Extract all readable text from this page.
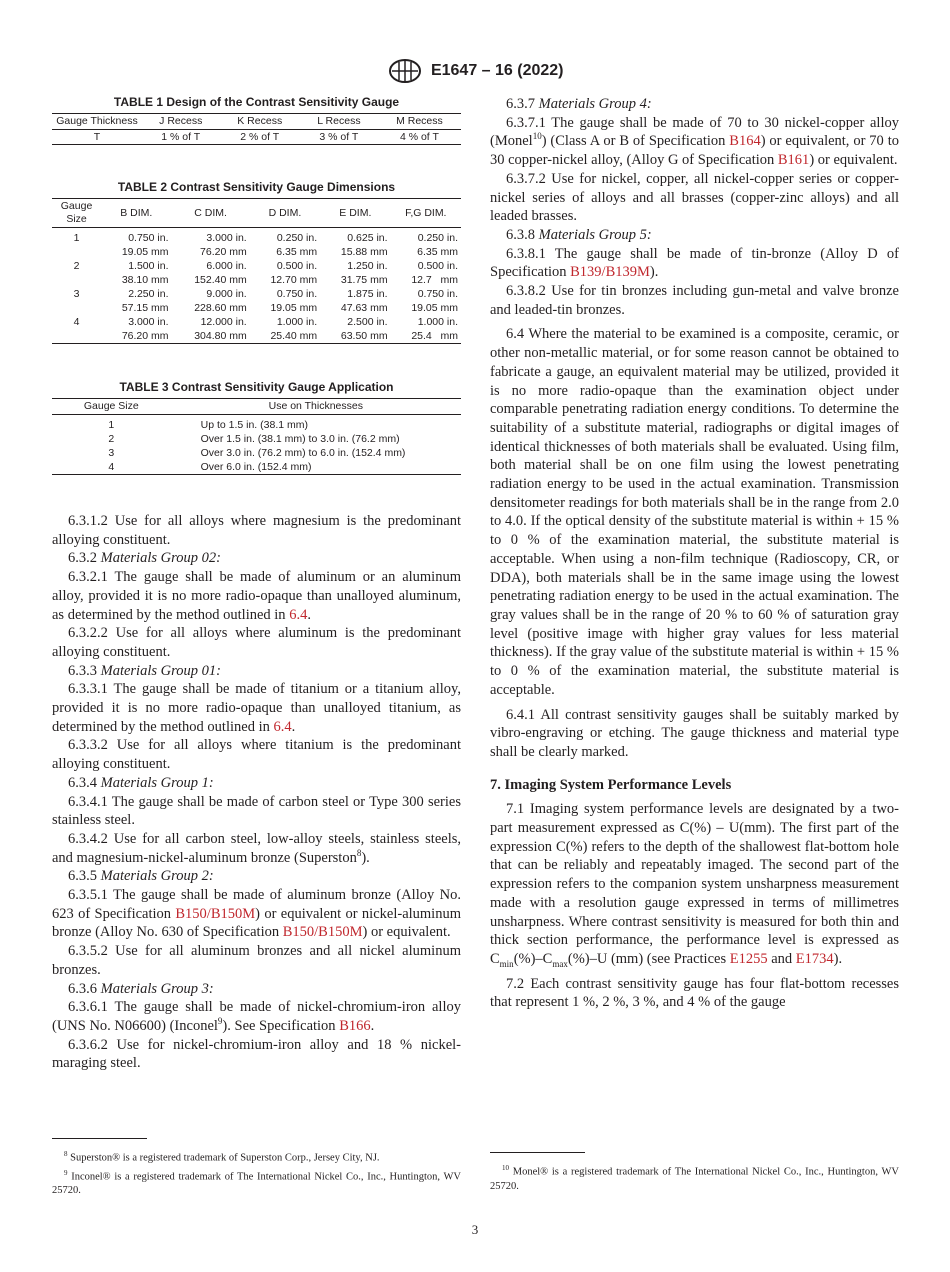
E1647 – 16 (2022)
TABLE 1 Design of the Contrast Sensitivity Gauge
Gauge Thickness	J Recess	K Recess	L Recess	M Recess
T	1 % of T	2 % of T	3 % of T	4 % of T
TABLE 2 Contrast Sensitivity Gauge Dimensions
Gauge Size	B DIM.	C DIM.	D DIM.	E DIM.	F,G DIM.

1	0.750 in.	3.000 in.	0.250 in.	0.625 in.	0.250 in.
	19.05 mm	76.20 mm	6.35 mm	15.88 mm	6.35 mm
2	1.500 in.	6.000 in.	0.500 in.	1.250 in.	0.500 in.
	38.10 mm	152.40 mm	12.70 mm	31.75 mm	12.7   mm
3	2.250 in.	9.000 in.	0.750 in.	1.875 in.	0.750 in.
	57.15 mm	228.60 mm	19.05 mm	47.63 mm	19.05 mm
4	3.000 in.	12.000 in.	1.000 in.	2.500 in.	1.000 in.
	76.20 mm	304.80 mm	25.40 mm	63.50 mm	25.4   mm
TABLE 3 Contrast Sensitivity Gauge Application
Gauge Size	Use on Thicknesses

1	Up to 1.5 in. (38.1 mm)
2	Over 1.5 in. (38.1 mm) to 3.0 in. (76.2 mm)
3	Over 3.0 in. (76.2 mm) to 6.0 in. (152.4 mm)
4	Over 6.0 in. (152.4 mm)

6.3.1.2 Use for all alloys where magnesium is the predominant alloying constituent.

6.3.2 Materials Group 02:

6.3.2.1 The gauge shall be made of aluminum or an aluminum alloy, provided it is no more radio-opaque than unalloyed aluminum, as determined by the method outlined in 6.4.

6.3.2.2 Use for all alloys where aluminum is the predominant alloying constituent.

6.3.3 Materials Group 01:

6.3.3.1 The gauge shall be made of titanium or a titanium alloy, provided it is no more radio-opaque than unalloyed titanium, as determined by the method outlined in 6.4.

6.3.3.2 Use for all alloys where titanium is the predominant alloying constituent.

6.3.4 Materials Group 1:

6.3.4.1 The gauge shall be made of carbon steel or Type 300 series stainless steel.

6.3.4.2 Use for all carbon steel, low-alloy steels, stainless steels, and magnesium-nickel-aluminum bronze (Superston$^8$).

6.3.5 Materials Group 2:

6.3.5.1 The gauge shall be made of aluminum bronze (Alloy No. 623 of Specification B150/B150M) or equivalent or nickel-aluminum bronze (Alloy No. 630 of Specification B150/B150M) or equivalent.

6.3.5.2 Use for all aluminum bronzes and all nickel aluminum bronzes.

6.3.6 Materials Group 3:

6.3.6.1 The gauge shall be made of nickel-chromium-iron alloy (UNS No. N06600) (Inconel$^9$). See Specification B166.

6.3.6.2 Use for nickel-chromium-iron alloy and 18 % nickel-maraging steel.

6.3.7 Materials Group 4:

6.3.7.1 The gauge shall be made of 70 to 30 nickel-copper alloy (Monel$^{10}$) (Class A or B of Specification B164) or equivalent, or 70 to 30 copper-nickel alloy, (Alloy G of Specification B161) or equivalent.

6.3.7.2 Use for nickel, copper, all nickel-copper series or copper-nickel series of alloys and all brasses (copper-zinc alloys) and all leaded brasses.

6.3.8 Materials Group 5:

6.3.8.1 The gauge shall be made of tin-bronze (Alloy D of Specification B139/B139M).

6.3.8.2 Use for tin bronzes including gun-metal and valve bronze and leaded-tin bronzes.

6.4 Where the material to be examined is a composite, ceramic, or other non-metallic material, or for some reason cannot be obtained to fabricate a gauge, an equivalent material may be utilized, provided it is no more radio-opaque than the examination object under comparable penetrating radiation energy conditions. To determine the suitability of a substitute material, radiographs or digital images of identical thicknesses of both materials shall be evaluated. Using film, both material shall be on one film using the lowest penetrating radiation energy to be used in the actual examination. Transmission densitometer readings for both materials shall be in the range from 2.0 to 4.0. If the optical density of the substitute material is within + 15 % to 0 % of the examination material, the substitute material is acceptable. When using a non-film technique (Radioscopy, CR, or DDA), both materials shall be in the same image using the lowest penetrating radiation energy to be used in the actual examination. The gray values shall be in the range of 20 % to 60 % of saturation gray level (positive image with higher gray values for less material thickness). If the gray value of the substitute material is within + 15 % to 0 % of the examination material, the substitute material is acceptable.

6.4.1 All contrast sensitivity gauges shall be suitably marked by vibro-engraving or etching. The gauge thickness and material type shall be clearly marked.

7. Imaging System Performance Levels

7.1 Imaging system performance levels are designated by a two-part measurement expressed as C(%) – U(mm). The first part of the expression C(%) refers to the depth of the shallowest flat-bottom hole that can be reliably and repeatably imaged. The second part of the expression refers to the companion system unsharpness measurement made with a resolution gauge expressed in terms of millimetres unsharpness. Where contrast sensitivity is measured for both thin and thick section performance, the performance level is expressed as $C_{min}(\%)-C_{max}(\%)-U$ (mm) (see Practices E1255 and E1734).

7.2 Each contrast sensitivity gauge has four flat-bottom recesses that represent 1 %, 2 %, 3 %, and 4 % of the gauge

$^8$ Superston® is a registered trademark of Superston Corp., Jersey City, NJ.

$^9$ Inconel® is a registered trademark of The International Nickel Co., Inc., Huntington, WV 25720.

$^{10}$ Monel® is a registered trademark of The International Nickel Co., Inc., Huntington, WV 25720.

3
